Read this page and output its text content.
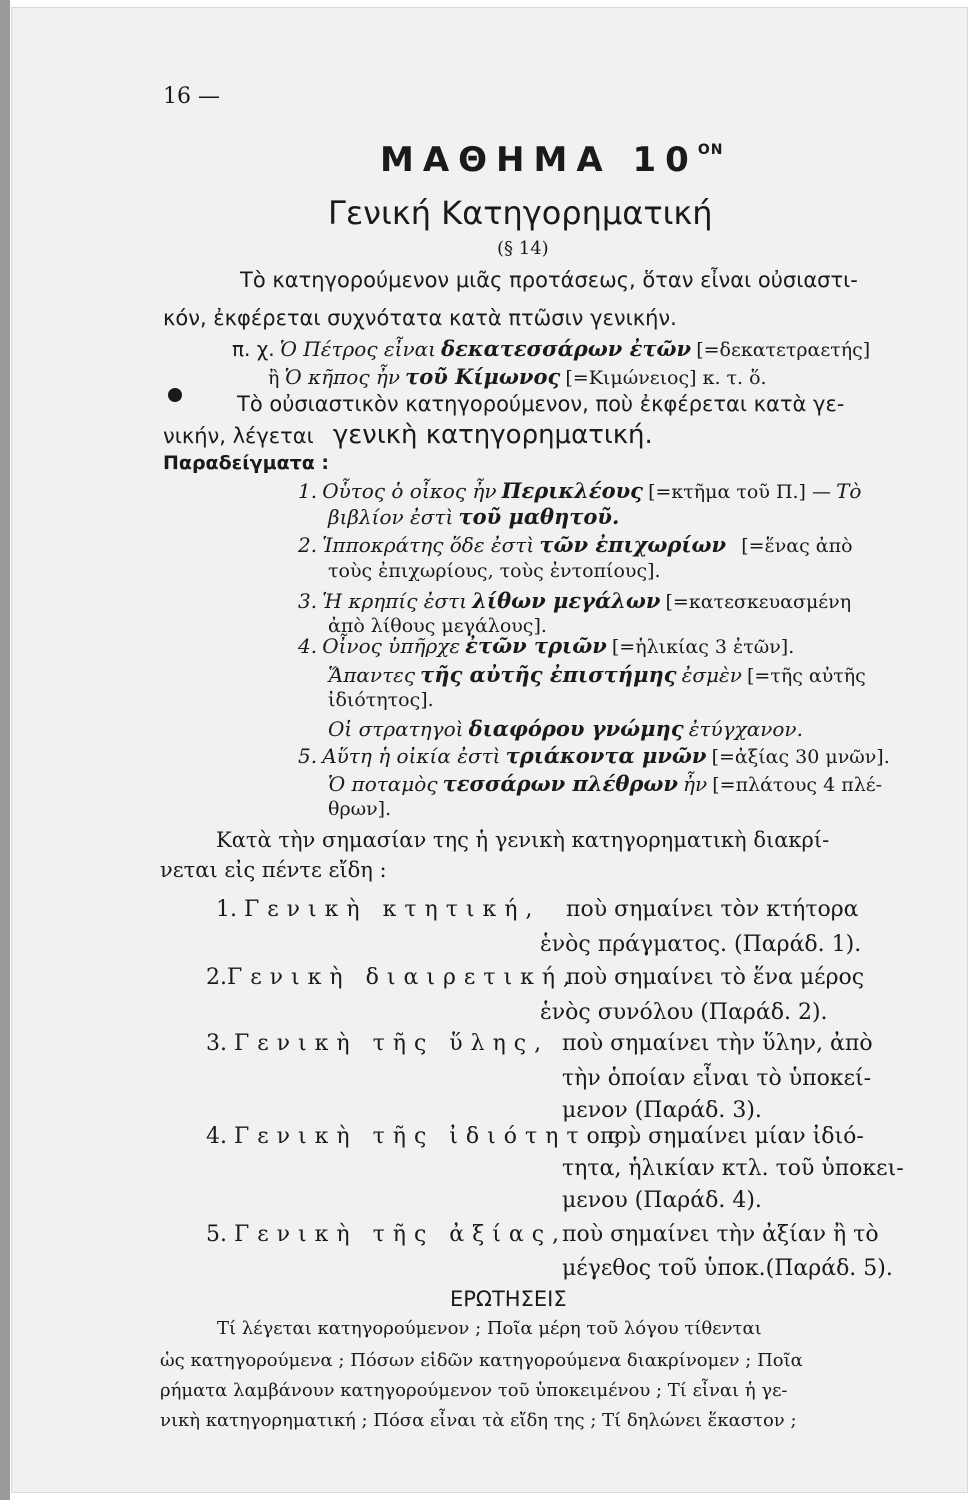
16 —
ΜΑΘΗΜΑ $10^{ON}$
Γενική Κατηγορηματική
(§ 14)
Τὸ κατηγορούμενον μιᾶς προτάσεως, ὅταν εἶναι οὐσιαστι-
κόν, ἐκφέρεται συχνότατα κατὰ πτῶσιν γενικήν.
π. χ. Ὁ Πέτρος εἶναι δεκατεσσάρων ἐτῶν [=δεκατετραετής]
ἢ Ὁ κῆπος ἦν τοῦ Κίμωνος [=Κιμώνειος] κ. τ. ὅ.
Τὸ οὐσιαστικὸν κατηγορούμενον, ποὺ ἐκφέρεται κατὰ γε-
νικήν, λέγεται γενικὴ κατηγορηματική.
Παραδείγματα :
1. Οὗτος ὁ οἶκος ἦν Περικλέους [=κτῆμα τοῦ Π.] — Τὸ
βιβλίον ἐστὶ τοῦ μαθητοῦ.
2. Ἱπποκράτης ὅδε ἐστὶ τῶν ἐπιχωρίων [=ἕνας ἀπὸ
τοὺς ἐπιχωρίους, τοὺς ἐντοπίους].
3. Ἡ κρηπίς ἐστι λίθων μεγάλων [=κατεσκευασμένη
ἀπὸ λίθους μεγάλους].
4. Οἶνος ὑπῆρχε ἐτῶν τριῶν [=ἡλικίας 3 ἐτῶν].
Ἅπαντες τῆς αὐτῆς ἐπιστήμης ἐσμὲν [=τῆς αὐτῆς
ἰδιότητος].
Οἱ στρατηγοὶ διαφόρου γνώμης ἐτύγχανον.
5. Αὕτη ἡ οἰκία ἐστὶ τριάκοντα μνῶν [=ἀξίας 30 μνῶν].
Ὁ ποταμὸς τεσσάρων πλέθρων ἦν [=πλάτους 4 πλέ-
θρων].
Κατὰ τὴν σημασίαν της ἡ γενικὴ κατηγορηματικὴ διακρί-
νεται εἰς πέντε εἴδη :
1. Γενικὴ κτητική, ποὺ σημαίνει τὸν κτήτορα
ἑνὸς πράγματος. (Παράδ. 1).
2.Γενικὴ διαιρετική,
ποὺ σημαίνει τὸ ἕνα μέρος
ἑνὸς συνόλου (Παράδ. 2).
3. Γενικὴ τῆς ὕλης, ποὺ σημαίνει τὴν ὕλην, ἀπὸ
τὴν ὁποίαν εἶναι τὸ ὑποκεί-
μενον (Παράδ. 3).
4. Γενικὴ τῆς ἰδιότητος,
ποὺ σημαίνει μίαν ἰδιό-
τητα, ἡλικίαν κτλ. τοῦ ὑποκει-
μενου (Παράδ. 4).
5. Γενικὴ τῆς ἀξίας,
ποὺ σημαίνει τὴν ἀξίαν ἢ τὸ
μέγεθος τοῦ ὑποκ.(Παράδ. 5).
ΕΡΩΤΗΣΕΙΣ
Τί λέγεται κατηγορούμενον ; Ποῖα μέρη τοῦ λόγου τίθενται
ὡς κατηγορούμενα ; Πόσων εἰδῶν κατηγορούμενα διακρίνομεν ; Ποῖα
ρήματα λαμβάνουν κατηγορούμενον τοῦ ὑποκειμένου ; Τί εἶναι ἡ γε-
νικὴ κατηγορηματική ; Πόσα εἶναι τὰ εἴδη της ; Τί δηλώνει ἕκαστον ;
